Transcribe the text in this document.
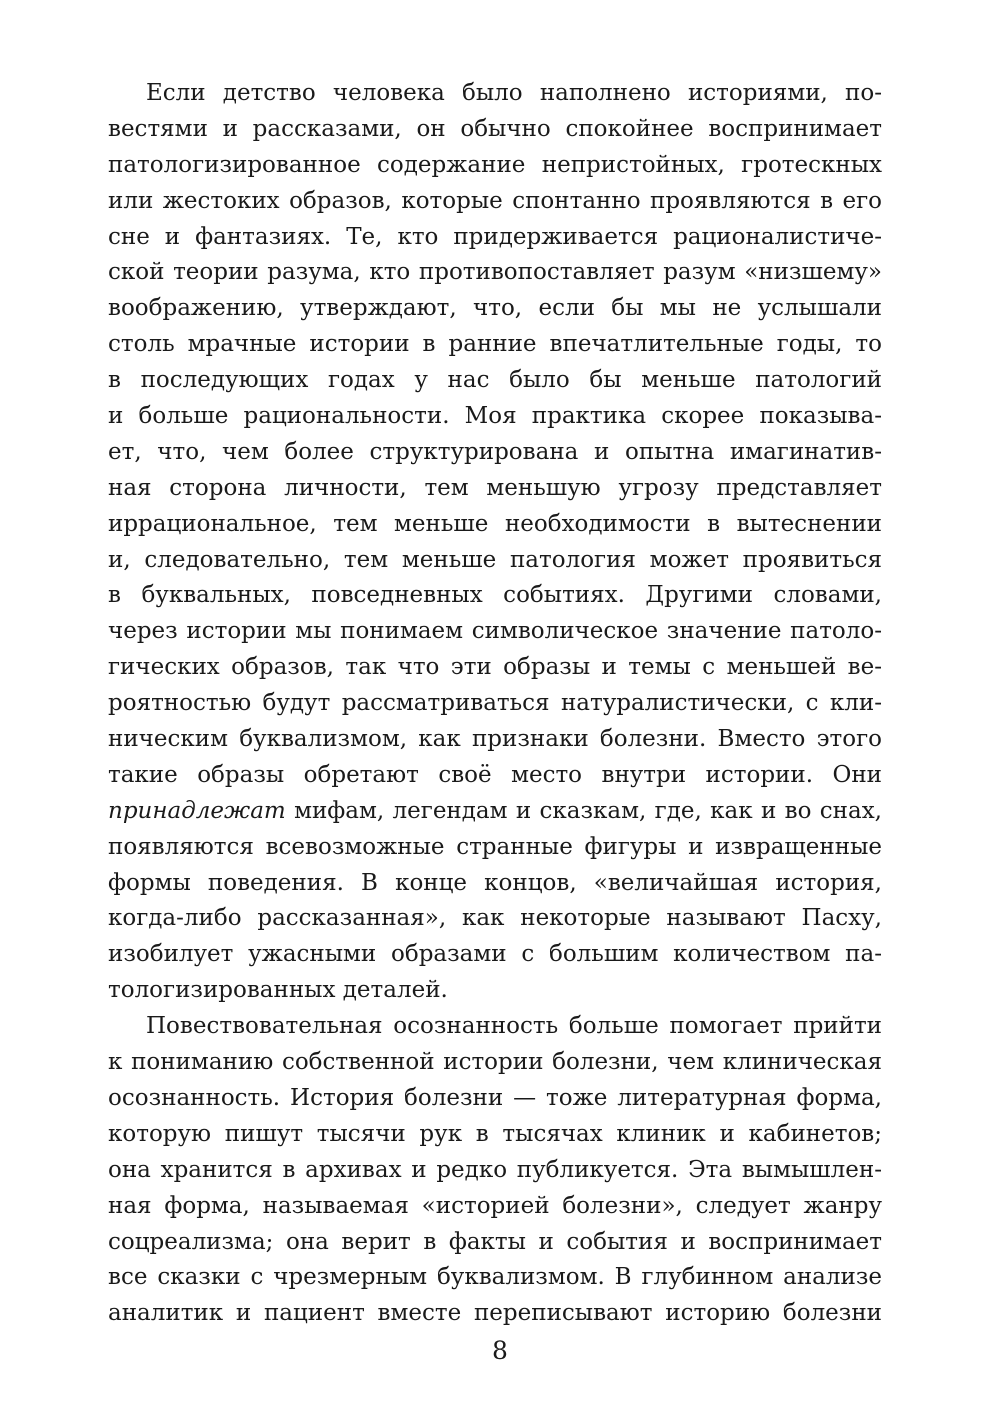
Если детство человека было наполнено историями, по-
вестями и рассказами, он обычно спокойнее воспринимает
патологизированное содержание непристойных, гротескных
или жестоких образов, которые спонтанно проявляются в его
сне и фантазиях. Те, кто придерживается рационалистиче-
ской теории разума, кто противопоставляет разум «низшему»
воображению, утверждают, что, если бы мы не услышали
столь мрачные истории в ранние впечатлительные годы, то
в последующих годах у нас было бы меньше патологий
и больше рациональности. Моя практика скорее показыва-
ет, что, чем более структурирована и опытна имагинатив-
ная сторона личности, тем меньшую угрозу представляет
иррациональное, тем меньше необходимости в вытеснении
и, следовательно, тем меньше патология может проявиться
в буквальных, повседневных событиях. Другими словами,
через истории мы понимаем символическое значение патоло-
гических образов, так что эти образы и темы с меньшей ве-
роятностью будут рассматриваться натуралистически, с кли-
ническим буквализмом, как признаки болезни. Вместо этого
такие образы обретают своё место внутри истории. Они
принадлежат мифам, легендам и сказкам, где, как и во снах,
появляются всевозможные странные фигуры и извращенные
формы поведения. В конце концов, «величайшая история,
когда-либо рассказанная», как некоторые называют Пасху,
изобилует ужасными образами с большим количеством па-
тологизированных деталей.
Повествовательная осознанность больше помогает прийти
к пониманию собственной истории болезни, чем клиническая
осознанность. История болезни — тоже литературная форма,
которую пишут тысячи рук в тысячах клиник и кабинетов;
она хранится в архивах и редко публикуется. Эта вымышлен-
ная форма, называемая «историей болезни», следует жанру
соцреализма; она верит в факты и события и воспринимает
все сказки с чрезмерным буквализмом. В глубинном анализе
аналитик и пациент вместе переписывают историю болезни
8
